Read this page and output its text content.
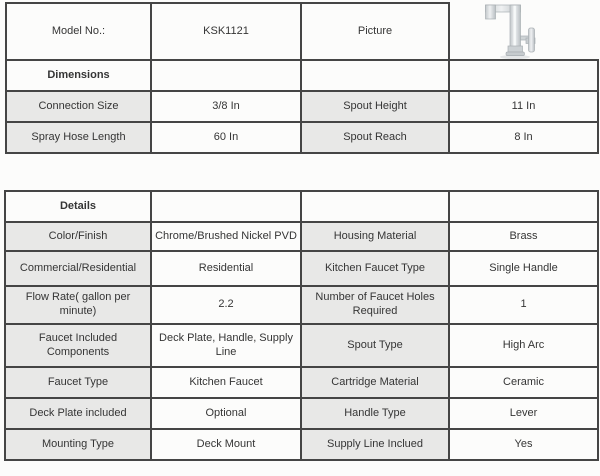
Model No.:	KSK1121	Picture	

Dimensions			
Connection Size	3/8 In	Spout Height	11 In
Spray Hose Length	60 In	Spout Reach	8 In
Details			
Color/Finish	Chrome/Brushed Nickel PVD	Housing Material	Brass
Commercial/Residential	Residential	Kitchen Faucet Type	Single Handle
Flow Rate( gallon per minute)	2.2	Number of Faucet Holes Required	1
Faucet Included Components	Deck Plate, Handle, Supply Line	Spout Type	High Arc
Faucet Type	Kitchen Faucet	Cartridge Material	Ceramic
Deck Plate included	Optional	Handle Type	Lever
Mounting Type	Deck Mount	Supply Line Inclued	Yes
